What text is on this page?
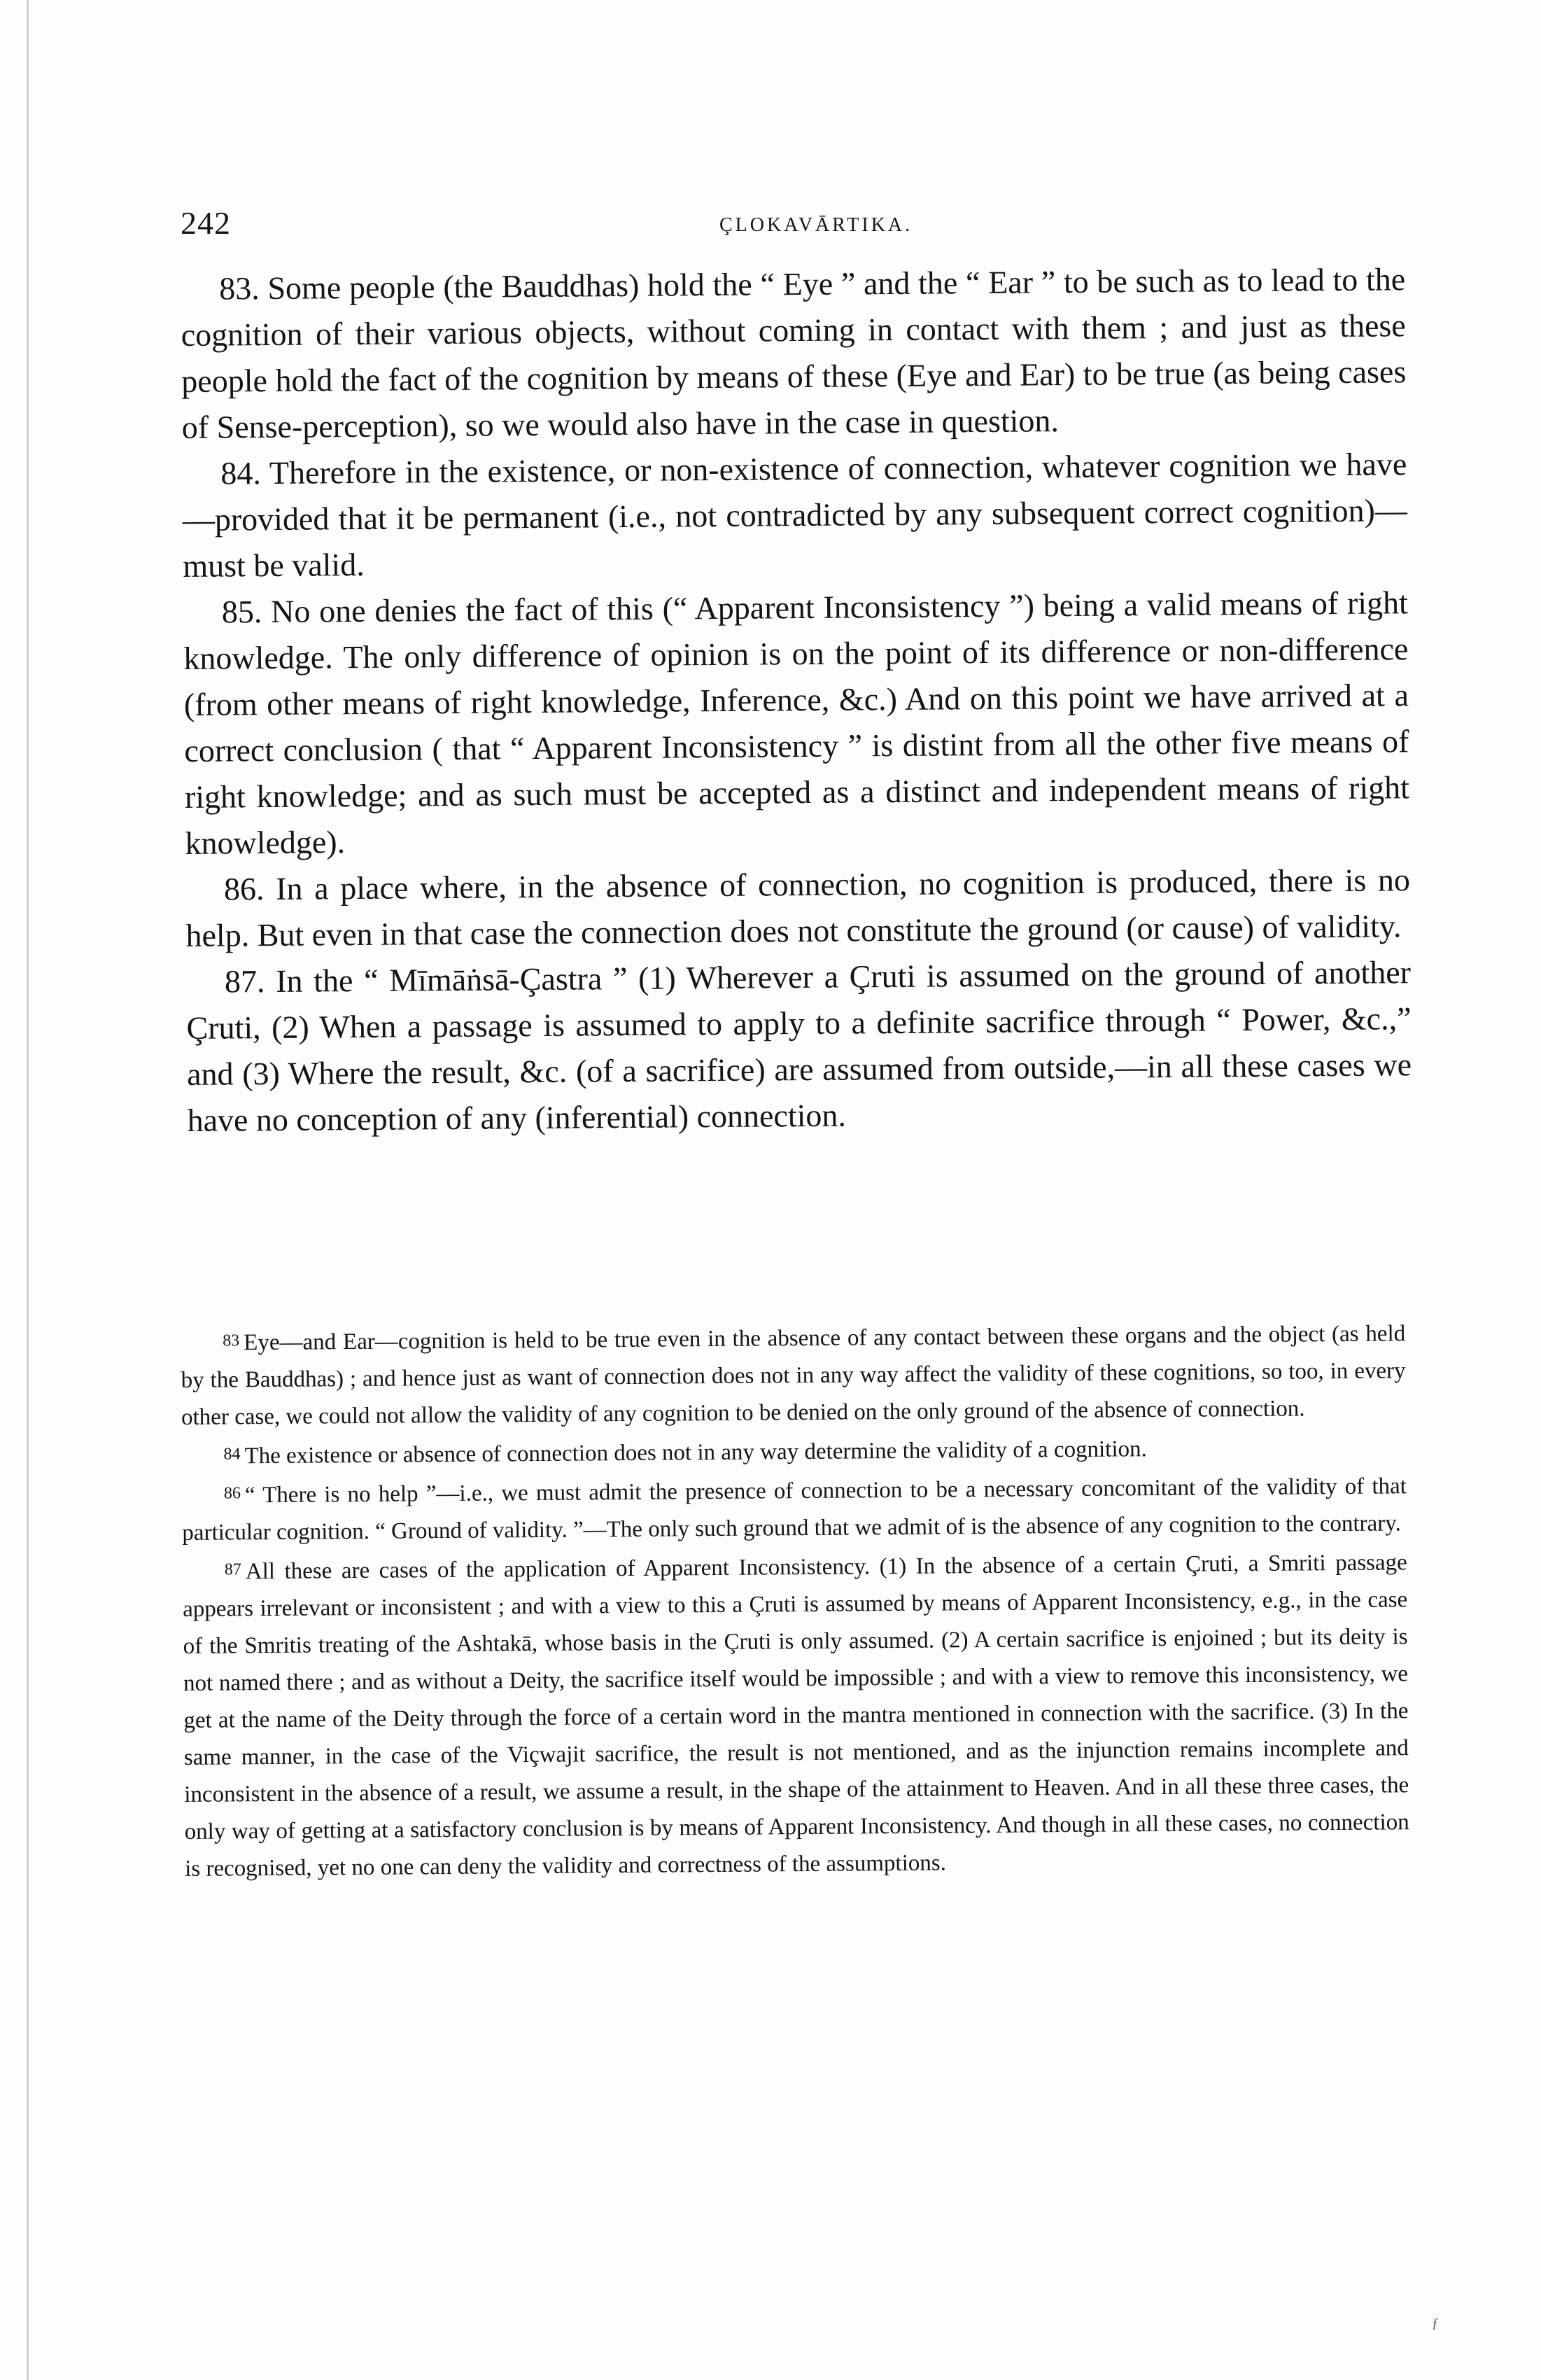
242	ÇLOKAVĀRTIKA.

83. Some people (the Bauddhas) hold the “ Eye ” and the “ Ear ” to be such as to lead to the cognition of their various objects, without coming in contact with them ; and just as these people hold the fact of the cognition by means of these (Eye and Ear) to be true (as being cases of Sense-perception), so we would also have in the case in question.

84. Therefore in the existence, or non-existence of connection, whatever cognition we have—provided that it be permanent (i.e., not contradicted by any subsequent correct cognition)—must be valid.

85. No one denies the fact of this (“ Apparent Inconsistency ”) being a valid means of right knowledge. The only difference of opinion is on the point of its difference or non-difference (from other means of right knowledge, Inference, &c.) And on this point we have arrived at a correct conclusion ( that “ Apparent Inconsistency ” is distint from all the other five means of right knowledge; and as such must be accepted as a distinct and independent means of right knowledge).

86. In a place where, in the absence of connection, no cognition is produced, there is no help. But even in that case the connection does not constitute the ground (or cause) of validity.

87. In the “ Mīmāṅsā-Çastra ” (1) Wherever a Çruti is assumed on the ground of another Çruti, (2) When a passage is assumed to apply to a definite sacrifice through “ Power, &c.,” and (3) Where the result, &c. (of a sacrifice) are assumed from outside,—in all these cases we have no conception of any (inferential) connection.

83 Eye—and Ear—cognition is held to be true even in the absence of any contact between these organs and the object (as held by the Bauddhas) ; and hence just as want of connection does not in any way affect the validity of these cognitions, so too, in every other case, we could not allow the validity of any cognition to be denied on the only ground of the absence of connection.

84 The existence or absence of connection does not in any way determine the validity of a cognition.

86 “ There is no help ”—i.e., we must admit the presence of connection to be a necessary concomitant of the validity of that particular cognition. “ Ground of validity. ”—The only such ground that we admit of is the absence of any cognition to the contrary.

87 All these are cases of the application of Apparent Inconsistency. (1) In the absence of a certain Çruti, a Smriti passage appears irrelevant or inconsistent ; and with a view to this a Çruti is assumed by means of Apparent Inconsistency, e.g., in the case of the Smritis treating of the Ashtakā, whose basis in the Çruti is only assumed. (2) A certain sacrifice is enjoined ; but its deity is not named there ; and as without a Deity, the sacrifice itself would be impossible ; and with a view to remove this inconsistency, we get at the name of the Deity through the force of a certain word in the mantra mentioned in connection with the sacrifice. (3) In the same manner, in the case of the Viçwajit sacrifice, the result is not mentioned, and as the injunction remains incomplete and inconsistent in the absence of a result, we assume a result, in the shape of the attainment to Heaven. And in all these three cases, the only way of getting at a satisfactory conclusion is by means of Apparent Inconsistency. And though in all these cases, no connection is recognised, yet no one can deny the validity and correctness of the assumptions.

ƒ
